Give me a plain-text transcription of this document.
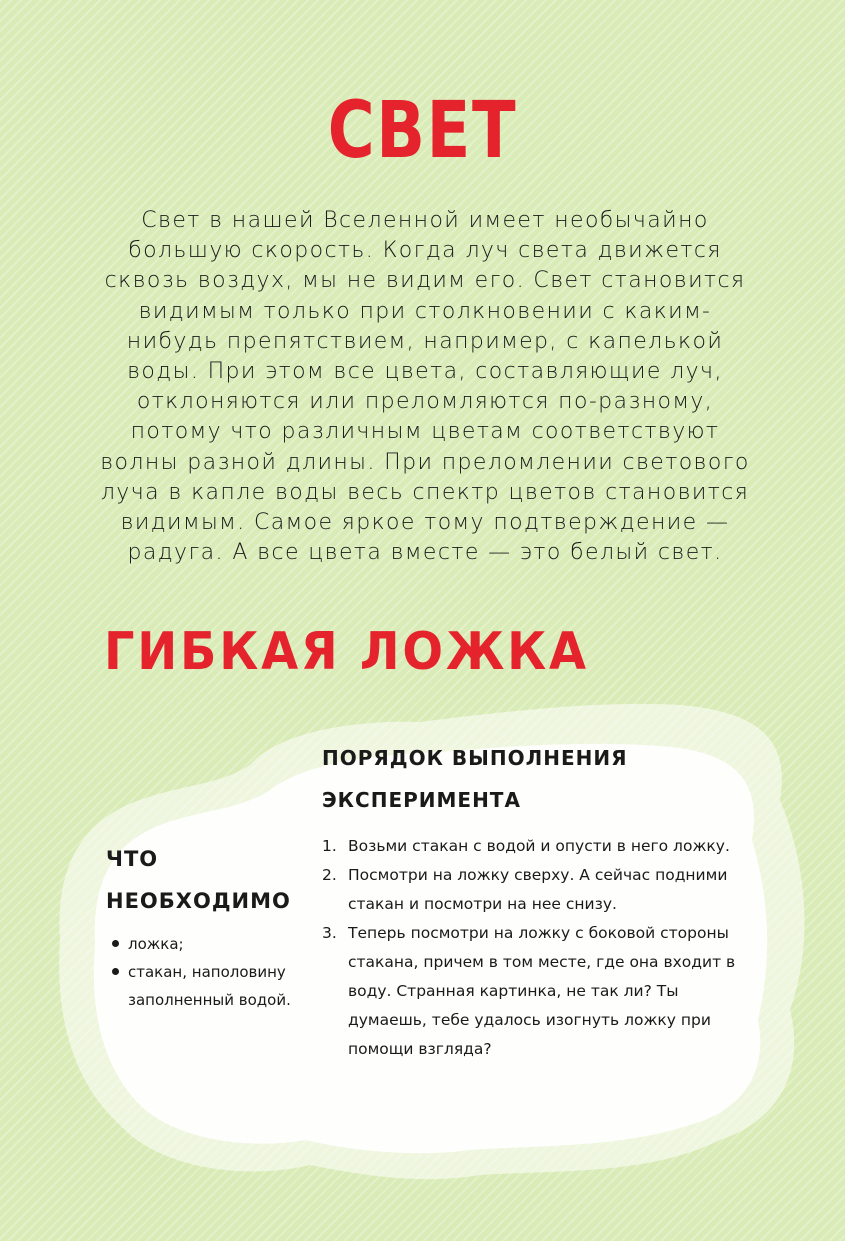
СВЕТ

Свет в нашей Вселенной имеет необычайно большую скорость. Когда луч света движется сквозь воздух, мы не видим его. Свет становится видимым только при столкновении с каким-нибудь препятствием, например, с капелькой воды. При этом все цвета, составляющие луч, отклоняются или преломляются по-разному, потому что различным цветам соответствуют волны разной длины. При преломлении светового луча в капле воды весь спектр цветов становится видимым. Самое яркое тому подтверждение — радуга. А все цвета вместе — это белый свет.

ГИБКАЯ ЛОЖКА
ПОРЯДОК ВЫПОЛНЕНИЯ ЭКСПЕРИМЕНТА
ЧТО НЕОБХОДИМО
ложка;
стакан, наполовину заполненный водой.
1. Возьми стакан с водой и опусти в него ложку.
2. Посмотри на ложку сверху. А сейчас подними стакан и посмотри на нее снизу.
3. Теперь посмотри на ложку с боковой стороны стакана, причем в том месте, где она входит в воду. Странная картинка, не так ли? Ты думаешь, тебе удалось изогнуть ложку при помощи взгляда?
